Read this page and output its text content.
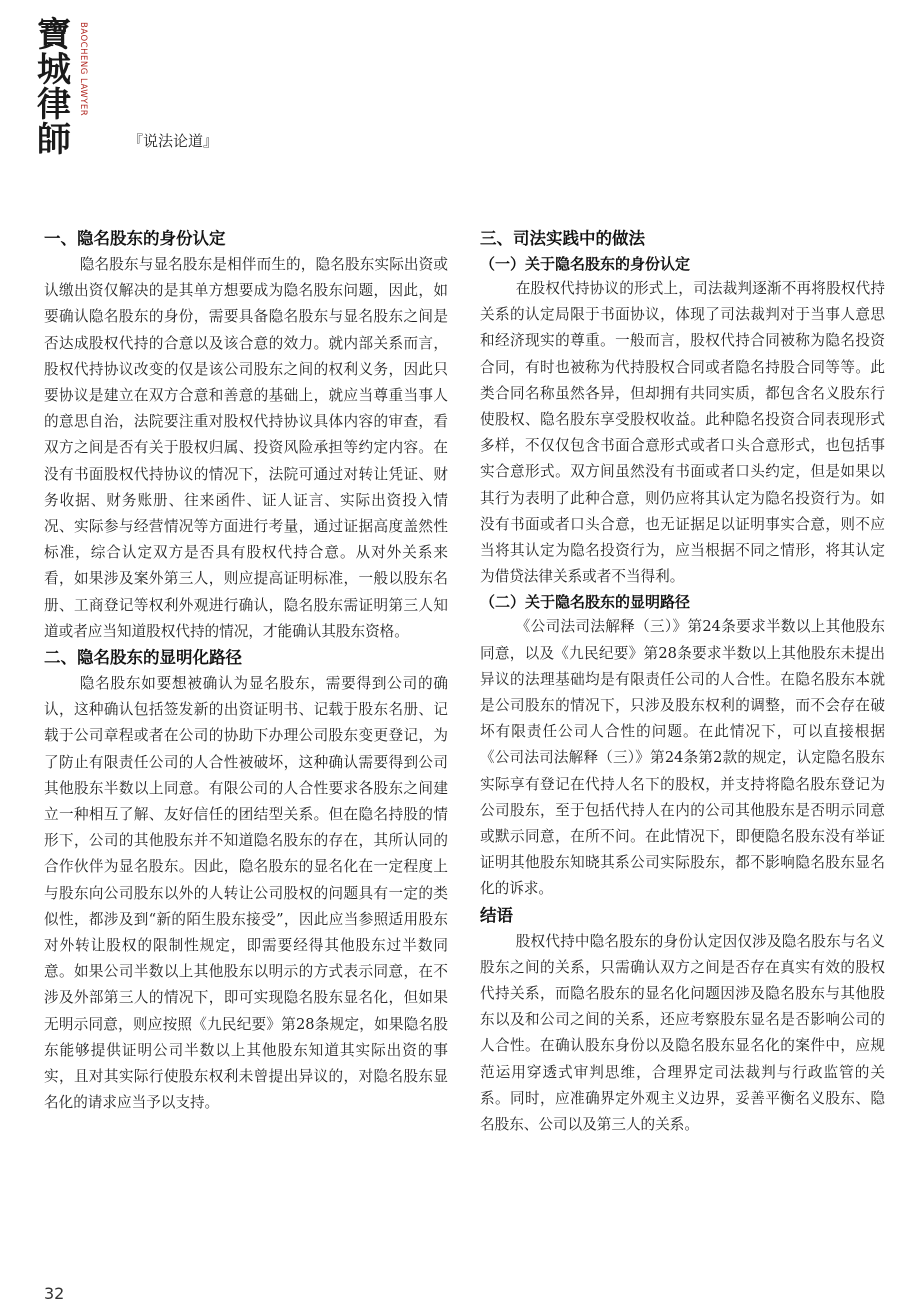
寶
城
律
師
BAOCHENG LAWYER
『说法论道』
一、隐名股东的身份认定

隐名股东与显名股东是相伴而生的，隐名股东实际出资或认缴出资仅解决的是其单方想要成为隐名股东问题，因此，如要确认隐名股东的身份，需要具备隐名股东与显名股东之间是否达成股权代持的合意以及该合意的效力。就内部关系而言，股权代持协议改变的仅是该公司股东之间的权利义务，因此只要协议是建立在双方合意和善意的基础上，就应当尊重当事人的意思自治，法院要注重对股权代持协议具体内容的审查，看双方之间是否有关于股权归属、投资风险承担等约定内容。在没有书面股权代持协议的情况下，法院可通过对转让凭证、财务收据、财务账册、往来函件、证人证言、实际出资投入情况、实际参与经营情况等方面进行考量，通过证据高度盖然性标准，综合认定双方是否具有股权代持合意。从对外关系来看，如果涉及案外第三人，则应提高证明标准，一般以股东名册、工商登记等权利外观进行确认，隐名股东需证明第三人知道或者应当知道股权代持的情况，才能确认其股东资格。

二、隐名股东的显明化路径

隐名股东如要想被确认为显名股东，需要得到公司的确认，这种确认包括签发新的出资证明书、记载于股东名册、记载于公司章程或者在公司的协助下办理公司股东变更登记，为了防止有限责任公司的人合性被破坏，这种确认需要得到公司其他股东半数以上同意。有限公司的人合性要求各股东之间建立一种相互了解、友好信任的团结型关系。但在隐名持股的情形下，公司的其他股东并不知道隐名股东的存在，其所认同的合作伙伴为显名股东。因此，隐名股东的显名化在一定程度上与股东向公司股东以外的人转让公司股权的问题具有一定的类似性，都涉及到“新的陌生股东接受”，因此应当参照适用股东对外转让股权的限制性规定，即需要经得其他股东过半数同意。如果公司半数以上其他股东以明示的方式表示同意，在不涉及外部第三人的情况下，即可实现隐名股东显名化，但如果无明示同意，则应按照《九民纪要》第28条规定，如果隐名股东能够提供证明公司半数以上其他股东知道其实际出资的事实，且对其实际行使股东权利未曾提出异议的，对隐名股东显名化的请求应当予以支持。

三、司法实践中的做法
（一）关于隐名股东的身份认定

在股权代持协议的形式上，司法裁判逐渐不再将股权代持关系的认定局限于书面协议，体现了司法裁判对于当事人意思和经济现实的尊重。一般而言，股权代持合同被称为隐名投资合同，有时也被称为代持股权合同或者隐名持股合同等等。此类合同名称虽然各异，但却拥有共同实质，都包含名义股东行使股权、隐名股东享受股权收益。此种隐名投资合同表现形式多样，不仅仅包含书面合意形式或者口头合意形式，也包括事实合意形式。双方间虽然没有书面或者口头约定，但是如果以其行为表明了此种合意，则仍应将其认定为隐名投资行为。如没有书面或者口头合意，也无证据足以证明事实合意，则不应当将其认定为隐名投资行为，应当根据不同之情形，将其认定为借贷法律关系或者不当得利。

（二）关于隐名股东的显明路径

《公司法司法解释（三）》第24条要求半数以上其他股东同意，以及《九民纪要》第28条要求半数以上其他股东未提出异议的法理基础均是有限责任公司的人合性。在隐名股东本就是公司股东的情况下，只涉及股东权利的调整，而不会存在破坏有限责任公司人合性的问题。在此情况下，可以直接根据《公司法司法解释（三）》第24条第2款的规定，认定隐名股东实际享有登记在代持人名下的股权，并支持将隐名股东登记为公司股东，至于包括代持人在内的公司其他股东是否明示同意或默示同意，在所不问。在此情况下，即便隐名股东没有举证证明其他股东知晓其系公司实际股东，都不影响隐名股东显名化的诉求。

结语

股权代持中隐名股东的身份认定因仅涉及隐名股东与名义股东之间的关系，只需确认双方之间是否存在真实有效的股权代持关系，而隐名股东的显名化问题因涉及隐名股东与其他股东以及和公司之间的关系，还应考察股东显名是否影响公司的人合性。在确认股东身份以及隐名股东显名化的案件中，应规范运用穿透式审判思维，合理界定司法裁判与行政监管的关系。同时，应准确界定外观主义边界，妥善平衡名义股东、隐名股东、公司以及第三人的关系。

32
